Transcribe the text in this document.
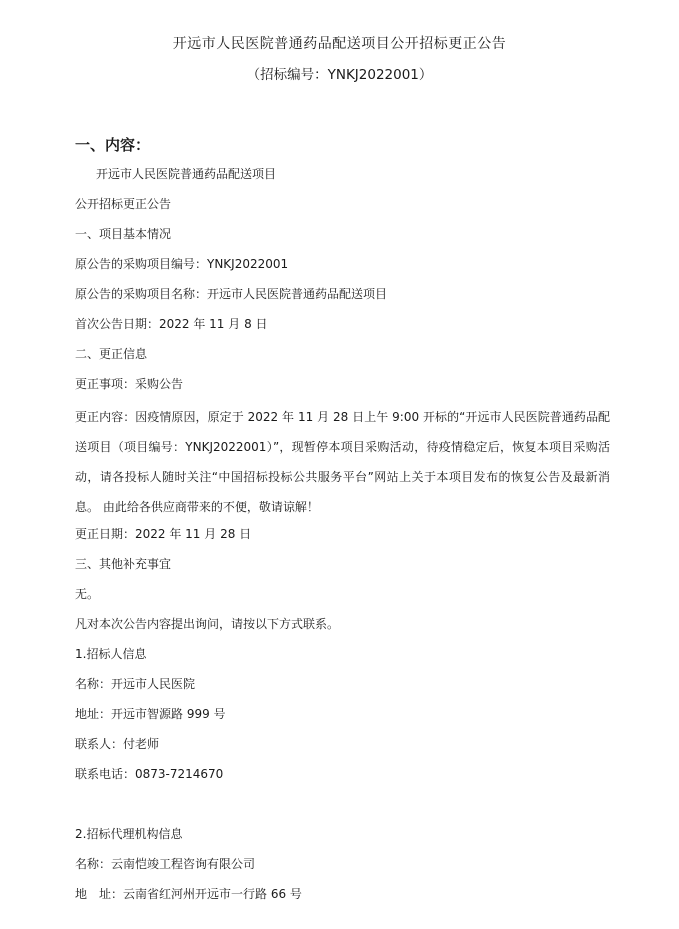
开远市人民医院普通药品配送项目公开招标更正公告
（招标编号：YNKJ2022001）
一、内容：
开远市人民医院普通药品配送项目
公开招标更正公告
一、项目基本情况
原公告的采购项目编号：YNKJ2022001
原公告的采购项目名称：开远市人民医院普通药品配送项目
首次公告日期：2022 年 11 月 8 日
二、更正信息
更正事项：采购公告
更正内容：因疫情原因，原定于 2022 年 11 月 28 日上午 9:00 开标的“开远市人民医院普通药品配送项目（项目编号：YNKJ2022001）”，现暂停本项目采购活动，待疫情稳定后，恢复本项目采购活动，请各投标人随时关注“中国招标投标公共服务平台”网站上关于本项目发布的恢复公告及最新消息。 由此给各供应商带来的不便，敬请谅解！
更正日期：2022 年 11 月 28 日
三、其他补充事宜
无。
凡对本次公告内容提出询问，请按以下方式联系。
1.招标人信息
名称：开远市人民医院
地址：开远市智源路 999 号
联系人：付老师
联系电话：0873-7214670
2.招标代理机构信息
名称：云南恺竣工程咨询有限公司
地　址：云南省红河州开远市一行路 66 号
